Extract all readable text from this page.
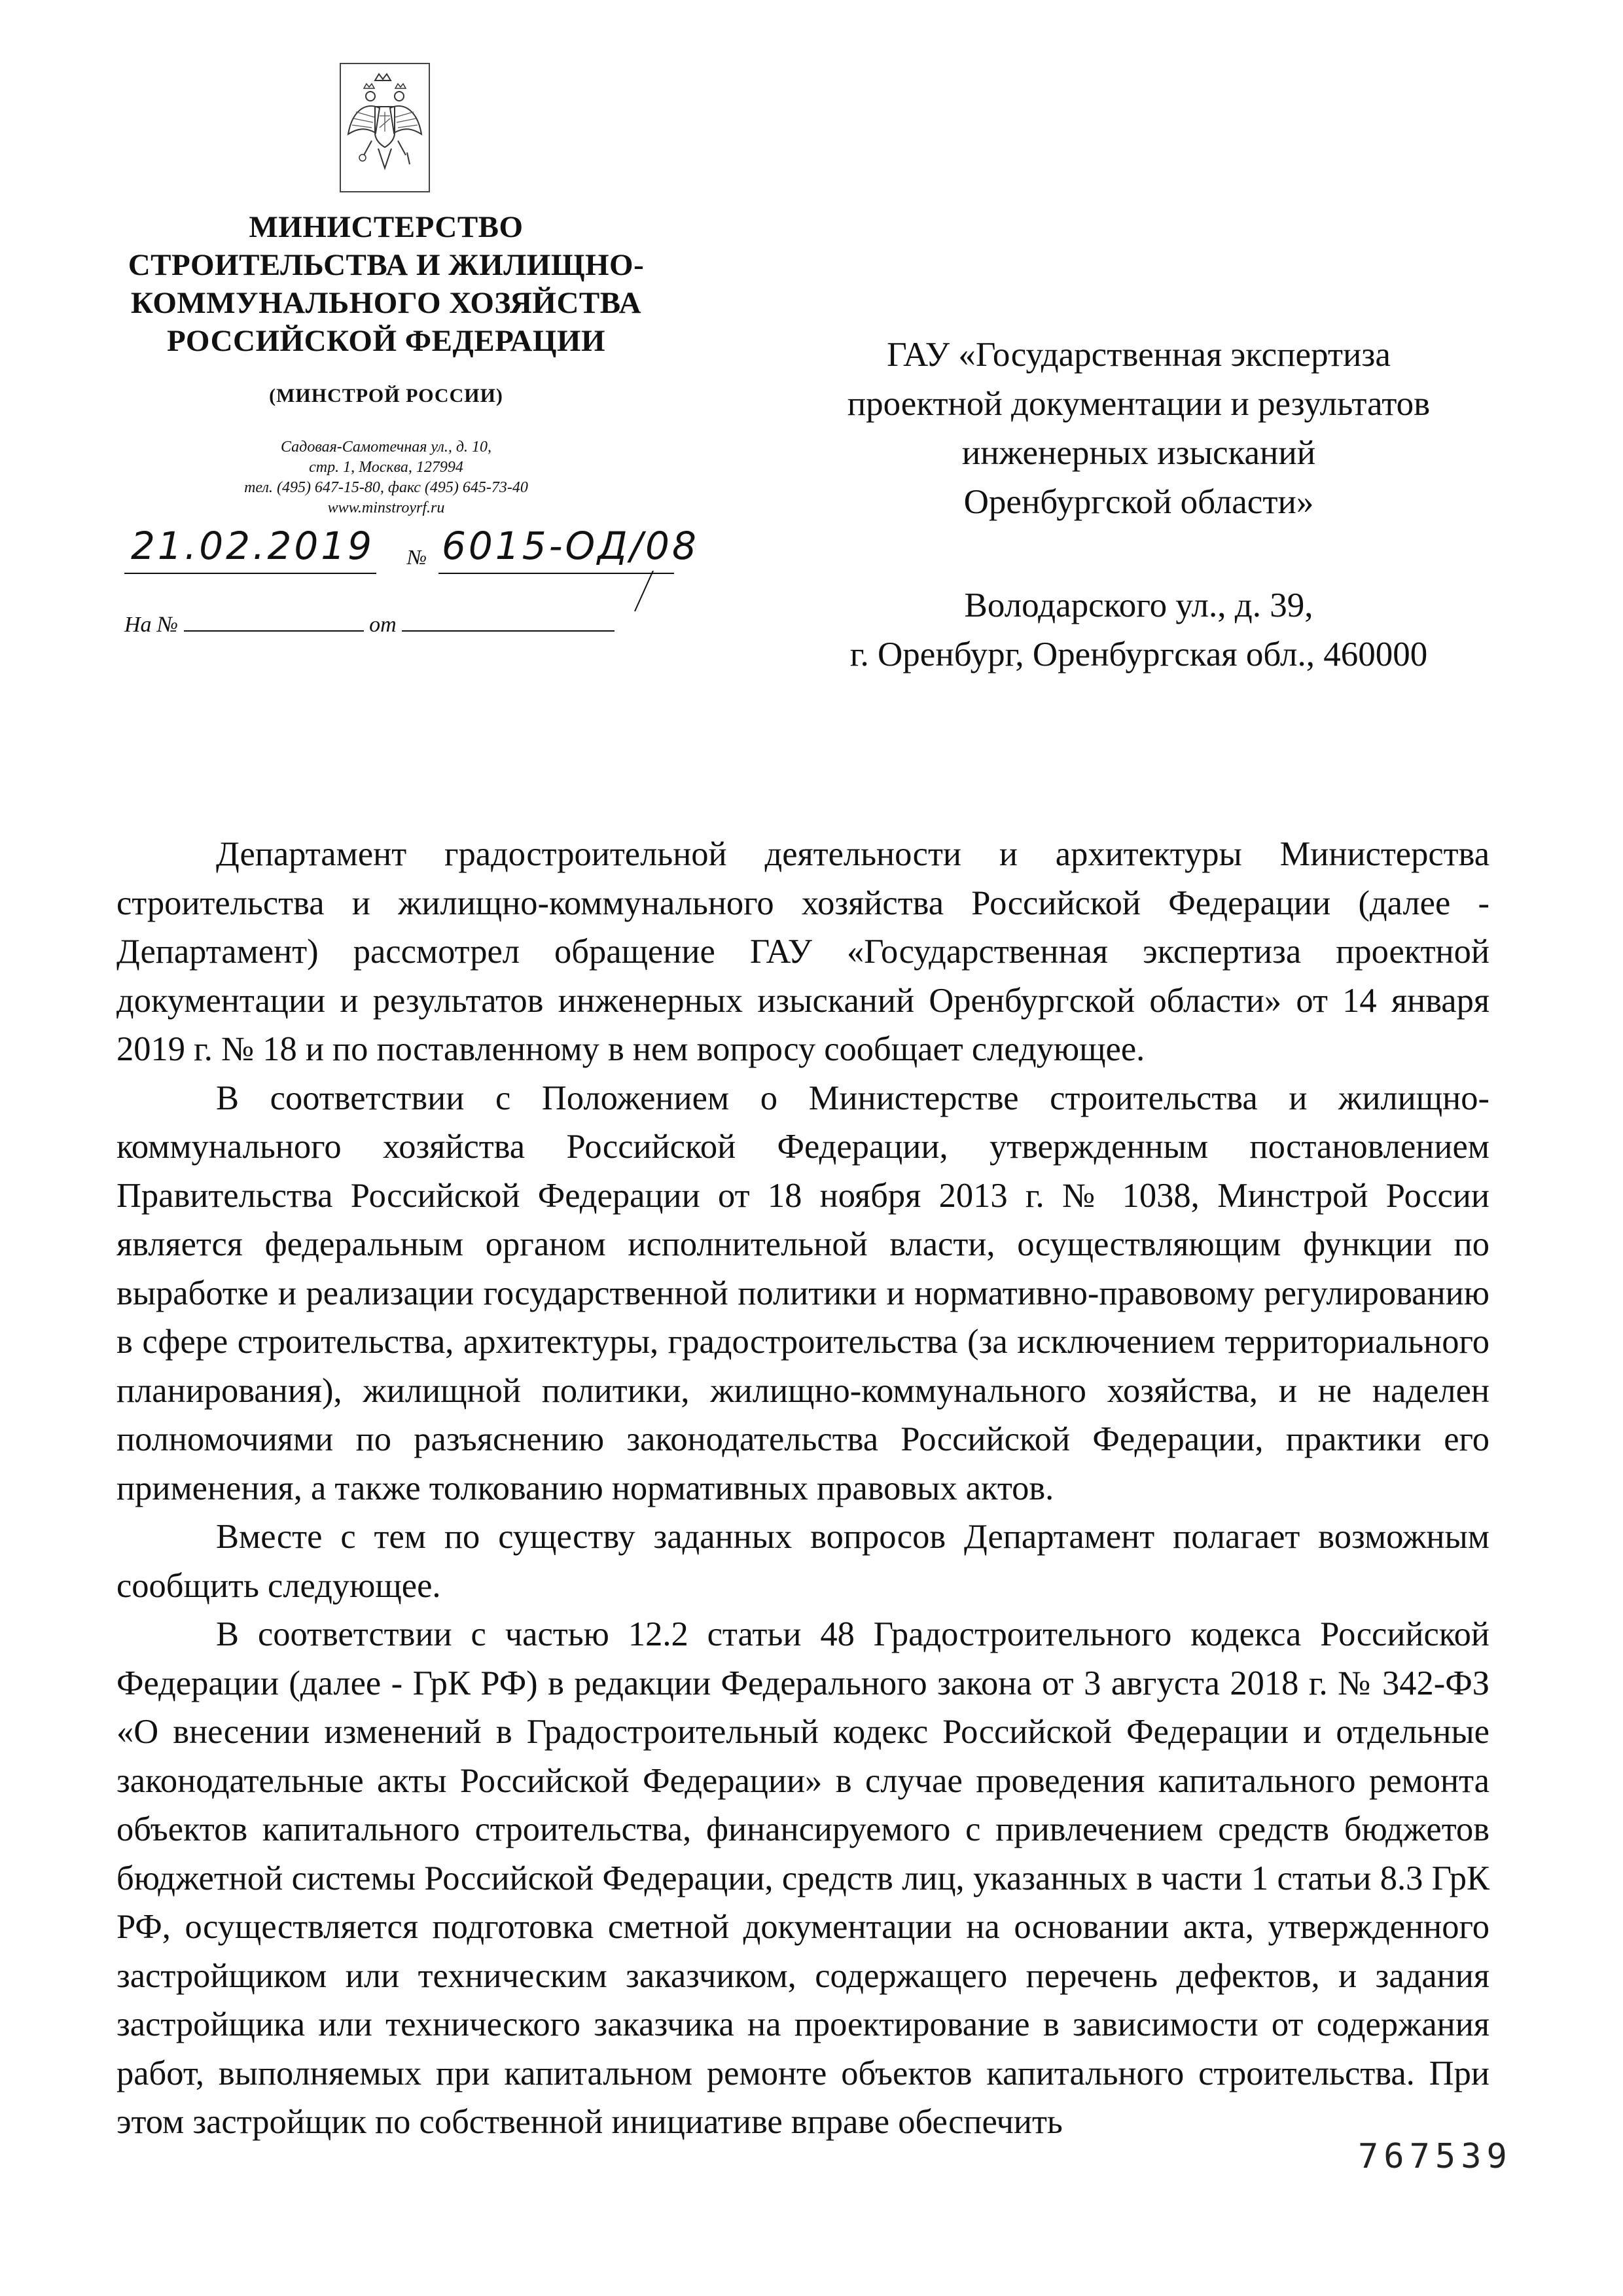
МИНИСТЕРСТВО
СТРОИТЕЛЬСТВА И ЖИЛИЩНО-
КОММУНАЛЬНОГО ХОЗЯЙСТВА
РОССИЙСКОЙ ФЕДЕРАЦИИ
(МИНСТРОЙ РОССИИ)
Садовая-Самотечная ул., д. 10,
стр. 1, Москва, 127994
тел. (495) 647-15-80, факс (495) 645-73-40
www.minstroyrf.ru
21.02.2019 № 6015-ОД/08
На №	от
ГАУ «Государственная экспертиза
проектной документации и результатов
инженерных изысканий
Оренбургской области»
Володарского ул., д. 39,
г. Оренбург, Оренбургская обл., 460000

Департамент градостроительной деятельности и архитектуры Министерства строительства и жилищно-коммунального хозяйства Российской Федерации (далее - Департамент) рассмотрел обращение ГАУ «Государственная экспертиза проектной документации и результатов инженерных изысканий Оренбургской области» от 14 января 2019 г. № 18 и по поставленному в нем вопросу сообщает следующее.

В соответствии с Положением о Министерстве строительства и жилищно-коммунального хозяйства Российской Федерации, утвержденным постановлением Правительства Российской Федерации от 18 ноября 2013 г. № 1038, Минстрой России является федеральным органом исполнительной власти, осуществляющим функции по выработке и реализации государственной политики и нормативно-правовому регулированию в сфере строительства, архитектуры, градостроительства (за исключением территориального планирования), жилищной политики, жилищно-коммунального хозяйства, и не наделен полномочиями по разъяснению законодательства Российской Федерации, практики его применения, а также толкованию нормативных правовых актов.

Вместе с тем по существу заданных вопросов Департамент полагает возможным сообщить следующее.

В соответствии с частью 12.2 статьи 48 Градостроительного кодекса Российской Федерации (далее - ГрК РФ) в редакции Федерального закона от 3 августа 2018 г. № 342-ФЗ «О внесении изменений в Градостроительный кодекс Российской Федерации и отдельные законодательные акты Российской Федерации» в случае проведения капитального ремонта объектов капитального строительства, финансируемого с привлечением средств бюджетов бюджетной системы Российской Федерации, средств лиц, указанных в части 1 статьи 8.3 ГрК РФ, осуществляется подготовка сметной документации на основании акта, утвержденного застройщиком или техническим заказчиком, содержащего перечень дефектов, и задания застройщика или технического заказчика на проектирование в зависимости от содержания работ, выполняемых при капитальном ремонте объектов капитального строительства. При этом застройщик по собственной инициативе вправе обеспечить

767539
